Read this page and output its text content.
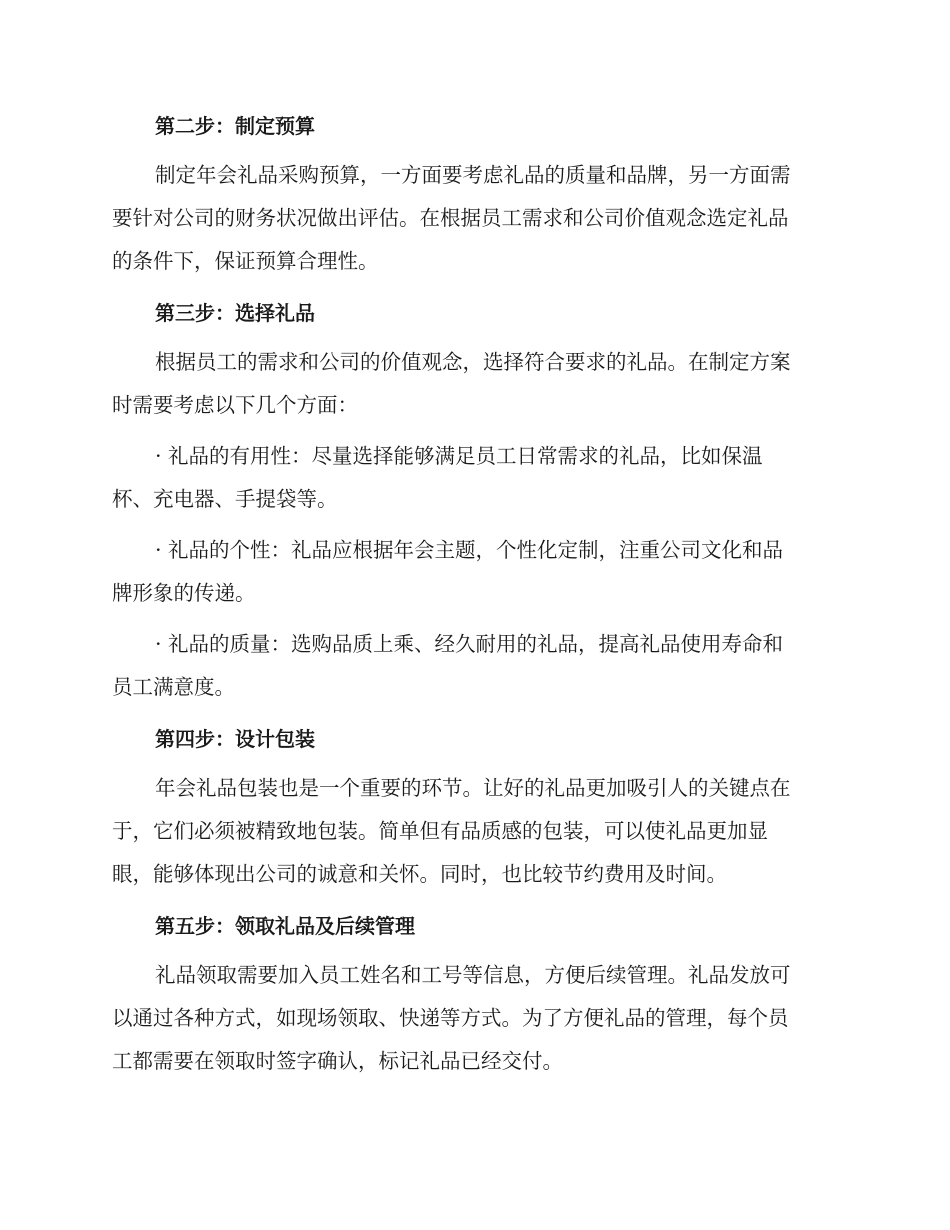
第二步：制定预算
制定年会礼品采购预算，一方面要考虑礼品的质量和品牌，另一方面需
要针对公司的财务状况做出评估。在根据员工需求和公司价值观念选定礼品
的条件下，保证预算合理性。
第三步：选择礼品
根据员工的需求和公司的价值观念，选择符合要求的礼品。在制定方案
时需要考虑以下几个方面：
· 礼品的有用性：尽量选择能够满足员工日常需求的礼品，比如保温
杯、充电器、手提袋等。
· 礼品的个性：礼品应根据年会主题，个性化定制，注重公司文化和品
牌形象的传递。
· 礼品的质量：选购品质上乘、经久耐用的礼品，提高礼品使用寿命和
员工满意度。
第四步：设计包装
年会礼品包装也是一个重要的环节。让好的礼品更加吸引人的关键点在
于，它们必须被精致地包装。简单但有品质感的包装，可以使礼品更加显
眼，能够体现出公司的诚意和关怀。同时，也比较节约费用及时间。
第五步：领取礼品及后续管理
礼品领取需要加入员工姓名和工号等信息，方便后续管理。礼品发放可
以通过各种方式，如现场领取、快递等方式。为了方便礼品的管理，每个员
工都需要在领取时签字确认，标记礼品已经交付。
